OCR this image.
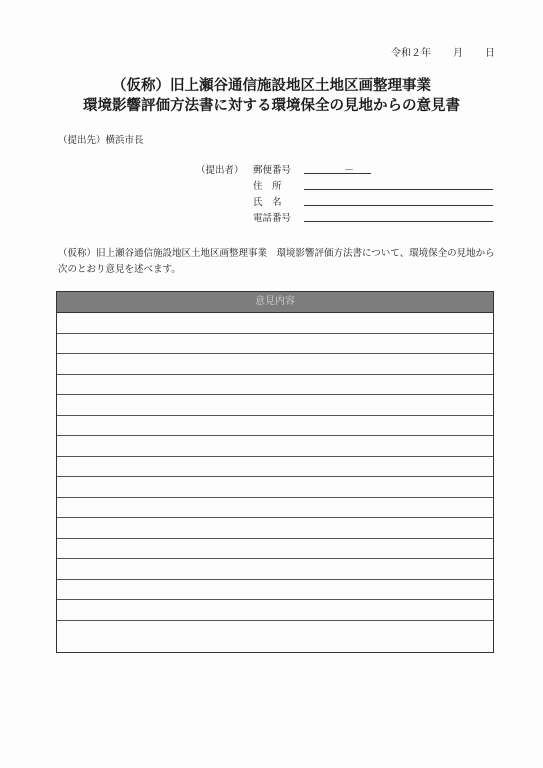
令和２年 月 日
（仮称）旧上瀬谷通信施設地区土地区画整理事業
環境影響評価方法書に対する環境保全の見地からの意見書
（提出先）横浜市長
（提出者） 郵便番号	－
住　所
氏　名
電話番号
（仮称）旧上瀬谷通信施設地区土地区画整理事業　環境影響評価方法書について、環境保全の見地から次のとおり意見を述べます。
意見内容
